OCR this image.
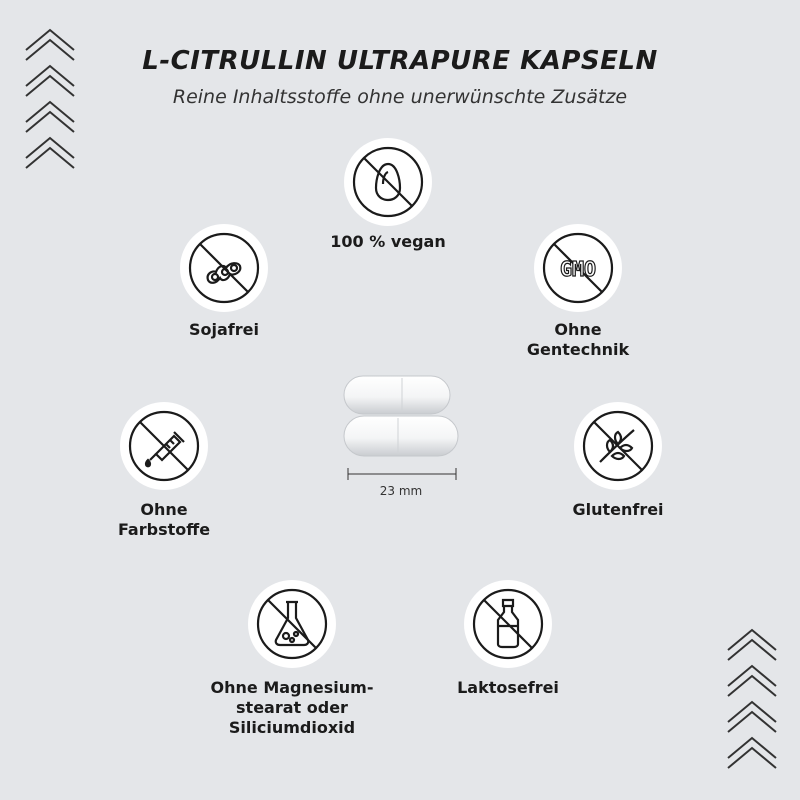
L-CITRULLIN ULTRAPURE KAPSELN
Reine Inhaltsstoffe ohne unerwünschte Zusätze
100 % vegan
Sojafrei
GMO
Ohne
Gentechnik
Ohne
Farbstoffe
Glutenfrei
Ohne Magnesium-
stearat oder
Siliciumdioxid
Laktosefrei
23 mm
